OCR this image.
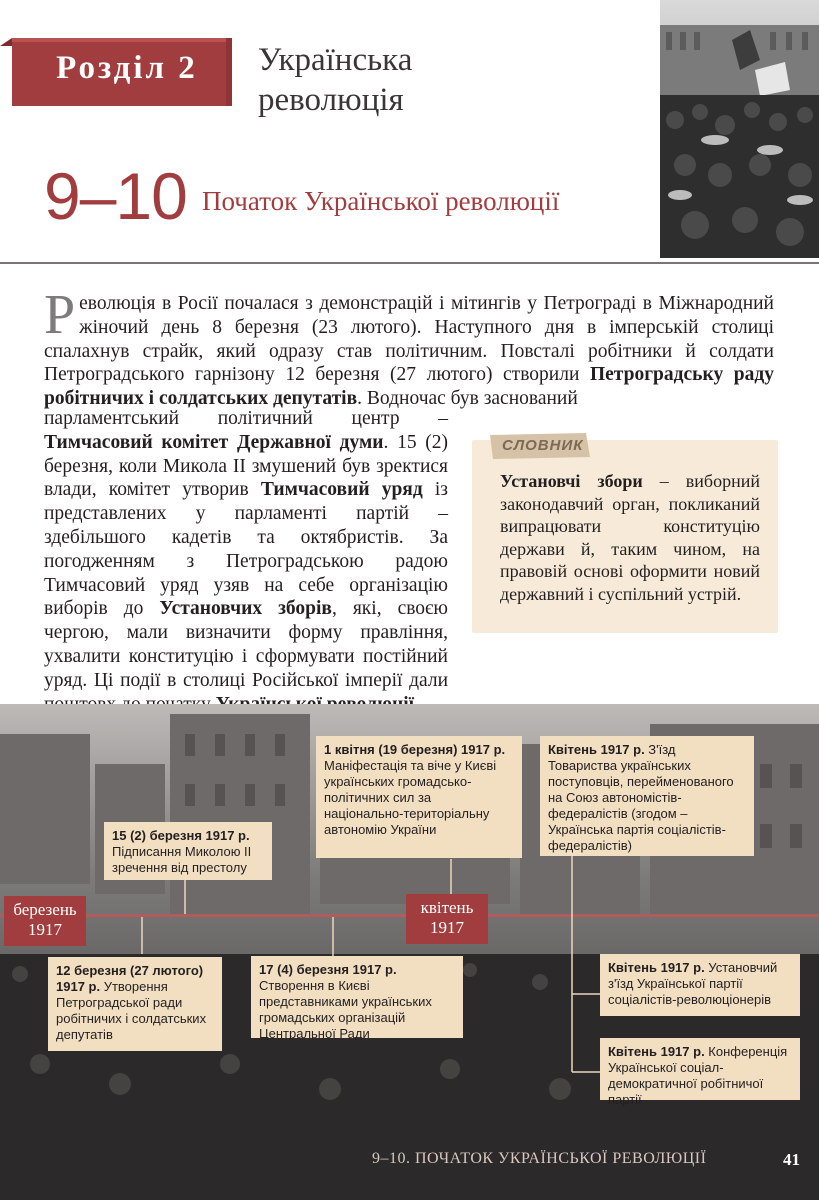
Розділ 2	Українська
революція
9–10 Початок Української революції
Революція в Росії почалася з демонстрацій і мітингів у Петрограді в Міжнародний жіночий день 8 березня (23 лютого). Наступного дня в імперській столиці спалахнув страйк, який одразу став політичним. Повсталі робітники й солдати Петроградського гарнізону 12 березня (27 лютого) створили Петроградську раду робітничих і солдатських депутатів. Водночас був заснований
парламентський політичний центр – Тимчасовий комітет Державної думи. 15 (2) березня, коли Микола II змушений був зректися влади, комітет утворив Тимчасовий уряд із представлених у парламенті партій – здебільшого кадетів та октябристів. За погодженням з Петроградською радою Тимчасовий уряд узяв на себе організацію виборів до Установчих зборів, які, своєю чергою, мали визначити форму правління, ухвалити конституцію і сформувати постійний уряд. Ці події в столиці Російської імперії дали
СЛОВНИК
Установчі збори – виборний законодавчий орган, покликаний випрацювати конституцію держави й, таким чином, на правовій основі оформити новий державний і суспільний устрій.
березень
1917
квітень
1917
15 (2) березня 1917 р.
Підписання Миколою II зречення від престолу
12 березня (27 лютого) 1917 р. Утворення Петроградської ради робітничих і солдатських депутатів
17 (4) березня 1917 р.
Створення в Києві представниками українських громадських організацій Центральної Ради
1 квітня (19 березня) 1917 р. Маніфестація та віче у Києві українських громадсько-політичних сил за національно-територіальну автономію України
Квітень 1917 р. З'їзд Товариства українських поступовців, перейменованого на Союз автономістів-федералістів (згодом – Українська партія соціалістів-федералістів)
Квітень 1917 р. Установчий з'їзд Української партії соціалістів-революціонерів
Квітень 1917 р. Конференція Української соціал-демократичної робітничої партії
9–10. ПОЧАТОК УКРАЇНСЬКОЇ РЕВОЛЮЦІЇ	41
